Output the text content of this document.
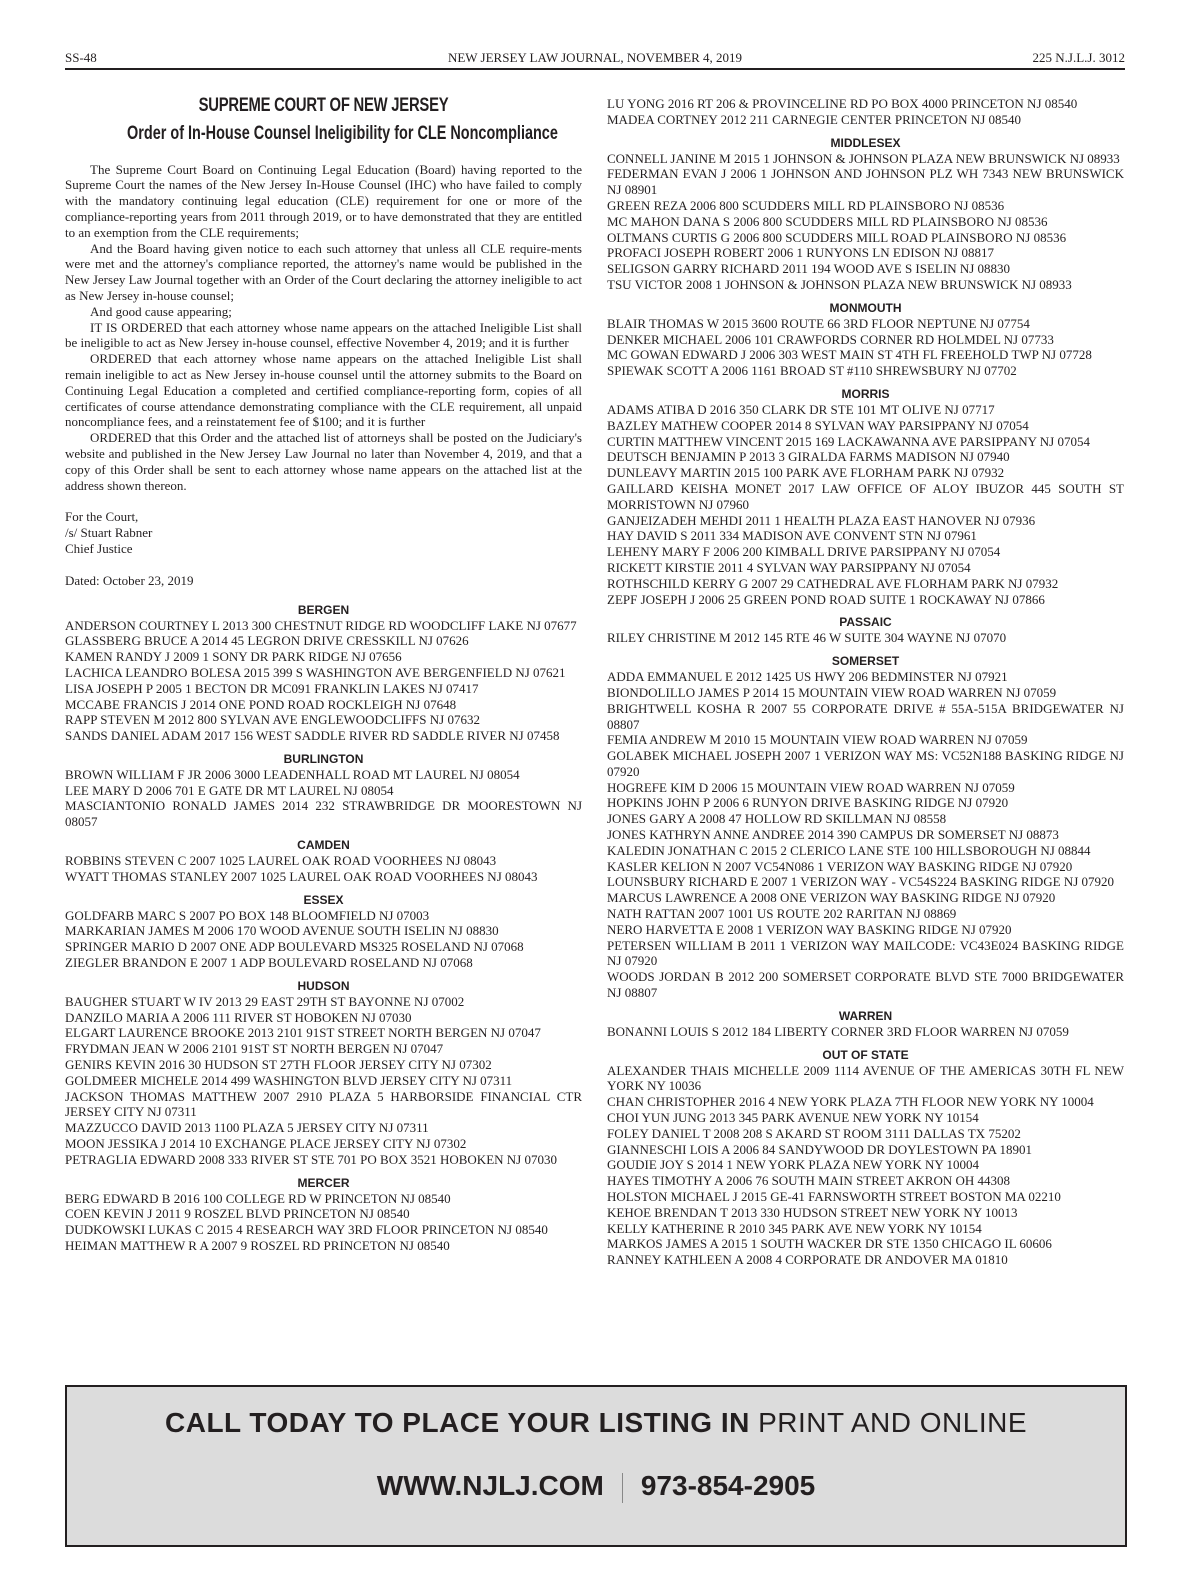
SS-48	NEW JERSEY LAW JOURNAL, NOVEMBER 4, 2019	225 N.J.L.J. 3012
SUPREME COURT OF NEW JERSEY
Order of In-House Counsel Ineligibility for CLE Noncompliance

The Supreme Court Board on Continuing Legal Education (Board) having reported to the Supreme Court the names of the New Jersey In-House Counsel (IHC) who have failed to comply with the mandatory continuing legal education (CLE) requirement for one or more of the compliance-reporting years from 2011 through 2019, or to have demonstrated that they are entitled to an exemption from the CLE requirements;

And the Board having given notice to each such attorney that unless all CLE require-ments were met and the attorney's compliance reported, the attorney's name would be published in the New Jersey Law Journal together with an Order of the Court declaring the attorney ineligible to act as New Jersey in-house counsel;

And good cause appearing;

IT IS ORDERED that each attorney whose name appears on the attached Ineligible List shall be ineligible to act as New Jersey in-house counsel, effective November 4, 2019; and it is further

ORDERED that each attorney whose name appears on the attached Ineligible List shall remain ineligible to act as New Jersey in-house counsel until the attorney submits to the Board on Continuing Legal Education a completed and certified compliance-reporting form, copies of all certificates of course attendance demonstrating compliance with the CLE requirement, all unpaid noncompliance fees, and a reinstatement fee of $100; and it is further

ORDERED that this Order and the attached list of attorneys shall be posted on the Judiciary's website and published in the New Jersey Law Journal no later than November 4, 2019, and that a copy of this Order shall be sent to each attorney whose name appears on the attached list at the address shown thereon.

For the Court,
/s/ Stuart Rabner
Chief Justice
Dated: October 23, 2019
BERGEN
ANDERSON COURTNEY L 2013 300 CHESTNUT RIDGE RD WOODCLIFF LAKE NJ 07677
GLASSBERG BRUCE A 2014 45 LEGRON DRIVE CRESSKILL NJ 07626
KAMEN RANDY J 2009 1 SONY DR PARK RIDGE NJ 07656
LACHICA LEANDRO BOLESA 2015 399 S WASHINGTON AVE BERGENFIELD NJ 07621
LISA JOSEPH P 2005 1 BECTON DR MC091 FRANKLIN LAKES NJ 07417
MCCABE FRANCIS J 2014 ONE POND ROAD ROCKLEIGH NJ 07648
RAPP STEVEN M 2012 800 SYLVAN AVE ENGLEWOODCLIFFS NJ 07632
SANDS DANIEL ADAM 2017 156 WEST SADDLE RIVER RD SADDLE RIVER NJ 07458
BURLINGTON
BROWN WILLIAM F JR 2006 3000 LEADENHALL ROAD MT LAUREL NJ 08054
LEE MARY D 2006 701 E GATE DR MT LAUREL NJ 08054
MASCIANTONIO RONALD JAMES 2014 232 STRAWBRIDGE DR MOORESTOWN NJ 08057
CAMDEN
ROBBINS STEVEN C 2007 1025 LAUREL OAK ROAD VOORHEES NJ 08043
WYATT THOMAS STANLEY 2007 1025 LAUREL OAK ROAD VOORHEES NJ 08043
ESSEX
GOLDFARB MARC S 2007 PO BOX 148 BLOOMFIELD NJ 07003
MARKARIAN JAMES M 2006 170 WOOD AVENUE SOUTH ISELIN NJ 08830
SPRINGER MARIO D 2007 ONE ADP BOULEVARD MS325 ROSELAND NJ 07068
ZIEGLER BRANDON E 2007 1 ADP BOULEVARD ROSELAND NJ 07068
HUDSON
BAUGHER STUART W IV 2013 29 EAST 29TH ST BAYONNE NJ 07002
DANZILO MARIA A 2006 111 RIVER ST HOBOKEN NJ 07030
ELGART LAURENCE BROOKE 2013 2101 91ST STREET NORTH BERGEN NJ 07047
FRYDMAN JEAN W 2006 2101 91ST ST NORTH BERGEN NJ 07047
GENIRS KEVIN 2016 30 HUDSON ST 27TH FLOOR JERSEY CITY NJ 07302
GOLDMEER MICHELE 2014 499 WASHINGTON BLVD JERSEY CITY NJ 07311
JACKSON THOMAS MATTHEW 2007 2910 PLAZA 5 HARBORSIDE FINANCIAL CTR JERSEY CITY NJ 07311
MAZZUCCO DAVID 2013 1100 PLAZA 5 JERSEY CITY NJ 07311
MOON JESSIKA J 2014 10 EXCHANGE PLACE JERSEY CITY NJ 07302
PETRAGLIA EDWARD 2008 333 RIVER ST STE 701 PO BOX 3521 HOBOKEN NJ 07030
MERCER
BERG EDWARD B 2016 100 COLLEGE RD W PRINCETON NJ 08540
COEN KEVIN J 2011 9 ROSZEL BLVD PRINCETON NJ 08540
DUDKOWSKI LUKAS C 2015 4 RESEARCH WAY 3RD FLOOR PRINCETON NJ 08540
HEIMAN MATTHEW R A 2007 9 ROSZEL RD PRINCETON NJ 08540
LU YONG 2016 RT 206 & PROVINCELINE RD PO BOX 4000 PRINCETON NJ 08540
MADEA CORTNEY 2012 211 CARNEGIE CENTER PRINCETON NJ 08540
MIDDLESEX
CONNELL JANINE M 2015 1 JOHNSON & JOHNSON PLAZA NEW BRUNSWICK NJ 08933
FEDERMAN EVAN J 2006 1 JOHNSON AND JOHNSON PLZ WH 7343 NEW BRUNSWICK NJ 08901
GREEN REZA 2006 800 SCUDDERS MILL RD PLAINSBORO NJ 08536
MC MAHON DANA S 2006 800 SCUDDERS MILL RD PLAINSBORO NJ 08536
OLTMANS CURTIS G 2006 800 SCUDDERS MILL ROAD PLAINSBORO NJ 08536
PROFACI JOSEPH ROBERT 2006 1 RUNYONS LN EDISON NJ 08817
SELIGSON GARRY RICHARD 2011 194 WOOD AVE S ISELIN NJ 08830
TSU VICTOR 2008 1 JOHNSON & JOHNSON PLAZA NEW BRUNSWICK NJ 08933
MONMOUTH
BLAIR THOMAS W 2015 3600 ROUTE 66 3RD FLOOR NEPTUNE NJ 07754
DENKER MICHAEL 2006 101 CRAWFORDS CORNER RD HOLMDEL NJ 07733
MC GOWAN EDWARD J 2006 303 WEST MAIN ST 4TH FL FREEHOLD TWP NJ 07728
SPIEWAK SCOTT A 2006 1161 BROAD ST #110 SHREWSBURY NJ 07702
MORRIS
ADAMS ATIBA D 2016 350 CLARK DR STE 101 MT OLIVE NJ 07717
BAZLEY MATHEW COOPER 2014 8 SYLVAN WAY PARSIPPANY NJ 07054
CURTIN MATTHEW VINCENT 2015 169 LACKAWANNA AVE PARSIPPANY NJ 07054
DEUTSCH BENJAMIN P 2013 3 GIRALDA FARMS MADISON NJ 07940
DUNLEAVY MARTIN 2015 100 PARK AVE FLORHAM PARK NJ 07932
GAILLARD KEISHA MONET 2017 LAW OFFICE OF ALOY IBUZOR 445 SOUTH ST MORRISTOWN NJ 07960
GANJEIZADEH MEHDI 2011 1 HEALTH PLAZA EAST HANOVER NJ 07936
HAY DAVID S 2011 334 MADISON AVE CONVENT STN NJ 07961
LEHENY MARY F 2006 200 KIMBALL DRIVE PARSIPPANY NJ 07054
RICKETT KIRSTIE 2011 4 SYLVAN WAY PARSIPPANY NJ 07054
ROTHSCHILD KERRY G 2007 29 CATHEDRAL AVE FLORHAM PARK NJ 07932
ZEPF JOSEPH J 2006 25 GREEN POND ROAD SUITE 1 ROCKAWAY NJ 07866
PASSAIC
RILEY CHRISTINE M 2012 145 RTE 46 W SUITE 304 WAYNE NJ 07070
SOMERSET
ADDA EMMANUEL E 2012 1425 US HWY 206 BEDMINSTER NJ 07921
BIONDOLILLO JAMES P 2014 15 MOUNTAIN VIEW ROAD WARREN NJ 07059
BRIGHTWELL KOSHA R 2007 55 CORPORATE DRIVE # 55A-515A BRIDGEWATER NJ 08807
FEMIA ANDREW M 2010 15 MOUNTAIN VIEW ROAD WARREN NJ 07059
GOLABEK MICHAEL JOSEPH 2007 1 VERIZON WAY MS: VC52N188 BASKING RIDGE NJ 07920
HOGREFE KIM D 2006 15 MOUNTAIN VIEW ROAD WARREN NJ 07059
HOPKINS JOHN P 2006 6 RUNYON DRIVE BASKING RIDGE NJ 07920
JONES GARY A 2008 47 HOLLOW RD SKILLMAN NJ 08558
JONES KATHRYN ANNE ANDREE 2014 390 CAMPUS DR SOMERSET NJ 08873
KALEDIN JONATHAN C 2015 2 CLERICO LANE STE 100 HILLSBOROUGH NJ 08844
KASLER KELION N 2007 VC54N086 1 VERIZON WAY BASKING RIDGE NJ 07920
LOUNSBURY RICHARD E 2007 1 VERIZON WAY - VC54S224 BASKING RIDGE NJ 07920
MARCUS LAWRENCE A 2008 ONE VERIZON WAY BASKING RIDGE NJ 07920
NATH RATTAN 2007 1001 US ROUTE 202 RARITAN NJ 08869
NERO HARVETTA E 2008 1 VERIZON WAY BASKING RIDGE NJ 07920
PETERSEN WILLIAM B 2011 1 VERIZON WAY MAILCODE: VC43E024 BASKING RIDGE NJ 07920
WOODS JORDAN B 2012 200 SOMERSET CORPORATE BLVD STE 7000 BRIDGEWATER NJ 08807
WARREN
BONANNI LOUIS S 2012 184 LIBERTY CORNER 3RD FLOOR WARREN NJ 07059
OUT OF STATE
ALEXANDER THAIS MICHELLE 2009 1114 AVENUE OF THE AMERICAS 30TH FL NEW YORK NY 10036
CHAN CHRISTOPHER 2016 4 NEW YORK PLAZA 7TH FLOOR NEW YORK NY 10004
CHOI YUN JUNG 2013 345 PARK AVENUE NEW YORK NY 10154
FOLEY DANIEL T 2008 208 S AKARD ST ROOM 3111 DALLAS TX 75202
GIANNESCHI LOIS A 2006 84 SANDYWOOD DR DOYLESTOWN PA 18901
GOUDIE JOY S 2014 1 NEW YORK PLAZA NEW YORK NY 10004
HAYES TIMOTHY A 2006 76 SOUTH MAIN STREET AKRON OH 44308
HOLSTON MICHAEL J 2015 GE-41 FARNSWORTH STREET BOSTON MA 02210
KEHOE BRENDAN T 2013 330 HUDSON STREET NEW YORK NY 10013
KELLY KATHERINE R 2010 345 PARK AVE NEW YORK NY 10154
MARKOS JAMES A 2015 1 SOUTH WACKER DR STE 1350 CHICAGO IL 60606
RANNEY KATHLEEN A 2008 4 CORPORATE DR ANDOVER MA 01810
CALL TODAY TO PLACE YOUR LISTING IN PRINT AND ONLINE
WWW.NJLJ.COM 973-854-2905
